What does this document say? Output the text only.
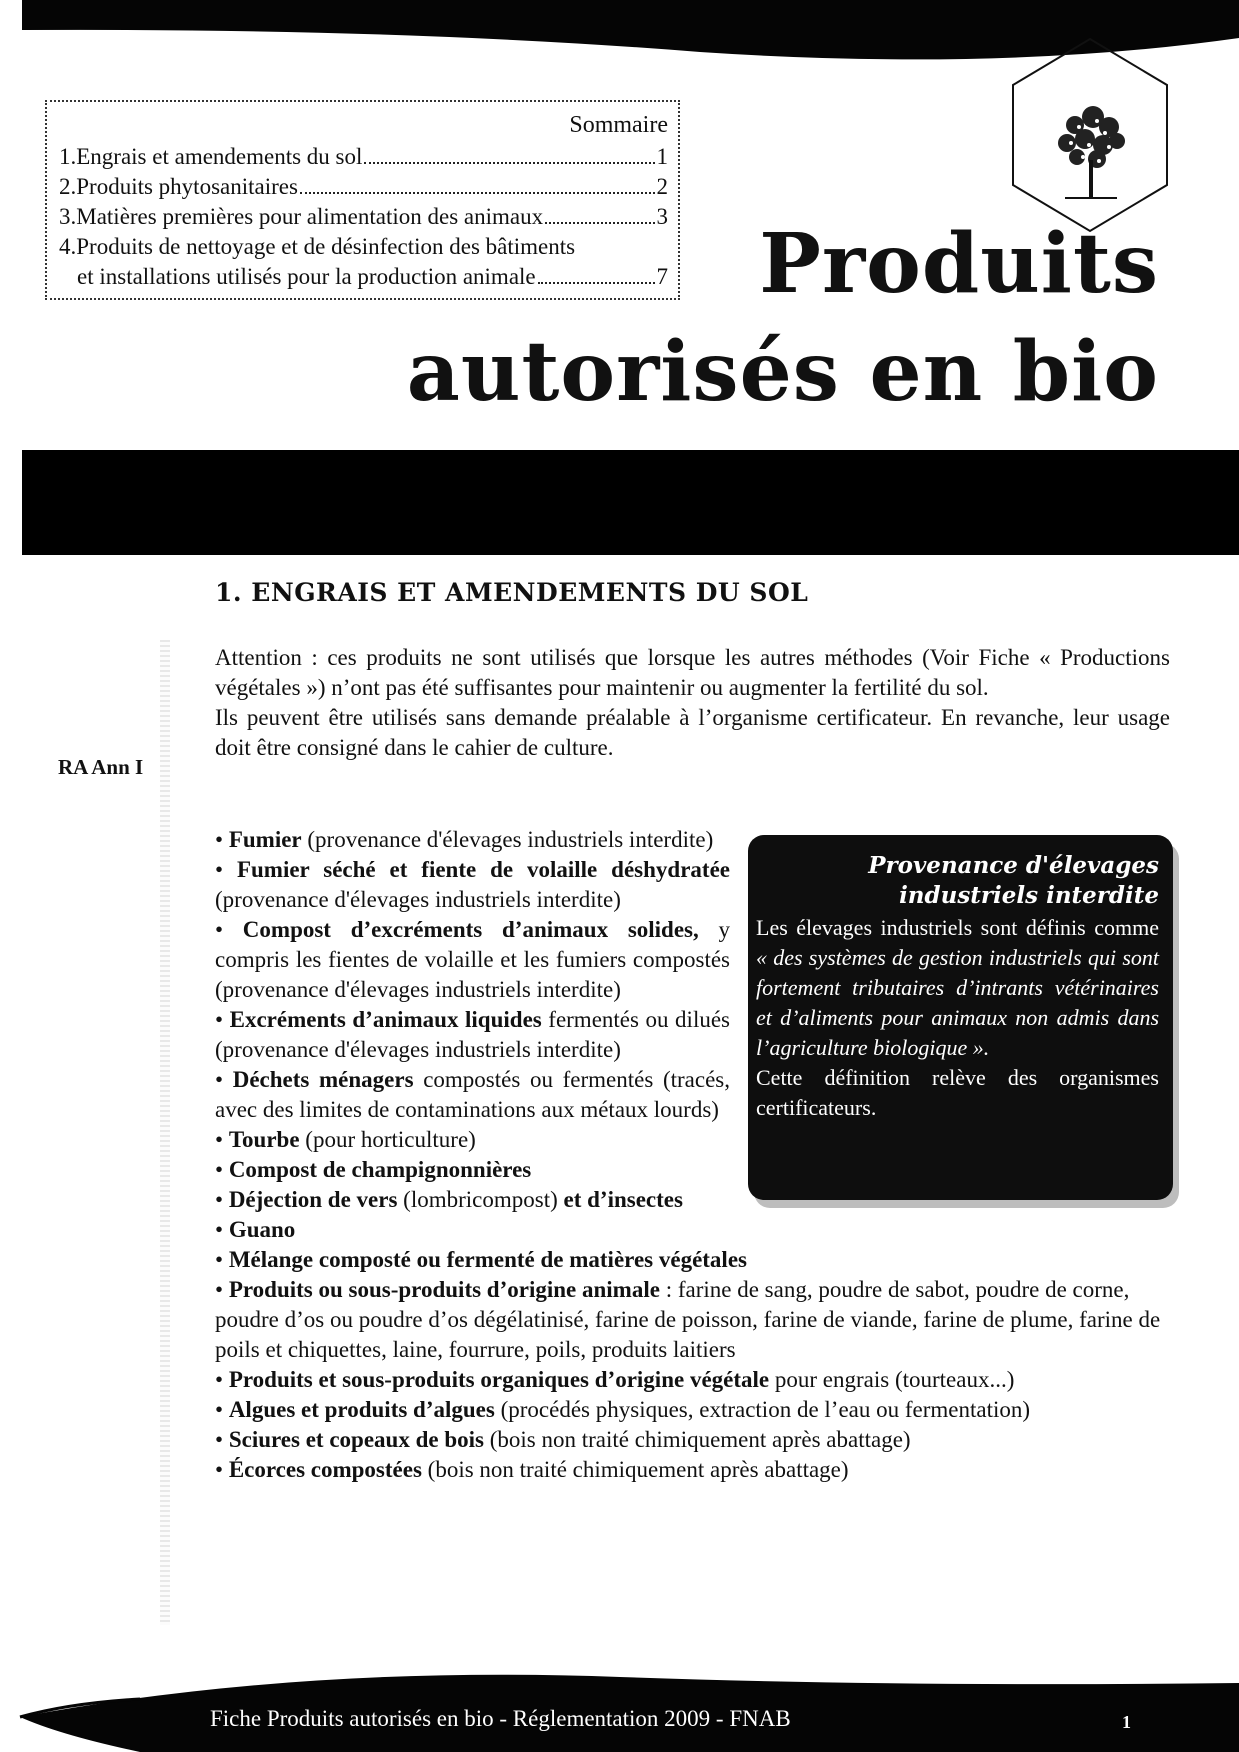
Sommaire
1.Engrais et amendements du sol	1
2.Produits phytosanitaires	2
3.Matières premières pour alimentation des animaux	3
4.Produits de nettoyage et de désinfection des bâtiments
et installations utilisés pour la production animale	7	Produits
autorisés en bio
1. ENGRAIS ET AMENDEMENTS DU SOL
RA Ann I

Attention : ces produits ne sont utilisés que lorsque les autres méthodes (Voir Fiche « Productions végétales ») n’ont pas été suffisantes pour maintenir ou augmenter la fertilité du sol.

Ils peuvent être utilisés sans demande préalable à l’organisme certificateur. En revanche, leur usage doit être consigné dans le cahier de culture.

• Fumier (provenance d'élevages industriels interdite)
• Fumier séché et fiente de volaille déshydratée (provenance d'élevages industriels interdite)
• Compost d’excréments d’animaux solides, y compris les fientes de volaille et les fumiers compostés (provenance d'élevages industriels interdite)
• Excréments d’animaux liquides fermentés ou dilués (provenance d'élevages industriels interdite)
• Déchets ménagers compostés ou fermentés (tracés, avec des limites de contaminations aux métaux lourds)
• Tourbe (pour horticulture)
• Compost de champignonnières
• Déjection de vers (lombricompost) et d’insectes
• Guano
• Mélange composté ou fermenté de matières végétales
• Produits ou sous-produits d’origine animale : farine de sang, poudre de sabot, poudre de corne, poudre d’os ou poudre d’os dégélatinisé, farine de poisson, farine de viande, farine de plume, farine de poils et chiquettes, laine, fourrure, poils, produits laitiers
• Produits et sous-produits organiques d’origine végétale pour engrais (tourteaux...)
• Algues et produits d’algues (procédés physiques, extraction de l’eau ou fermentation)
• Sciures et copeaux de bois (bois non traité chimiquement après abattage)
• Écorces compostées (bois non traité chimiquement après abattage)
Provenance d'élevages
industriels interdite

Les élevages industriels sont définis comme « des systèmes de gestion industriels qui sont fortement tributaires d’intrants vétérinaires et d’aliments pour animaux non admis dans l’agriculture biologique ».

Cette définition relève des organismes certificateurs.

Fiche Produits autorisés en bio - Réglementation 2009 - FNAB	1
